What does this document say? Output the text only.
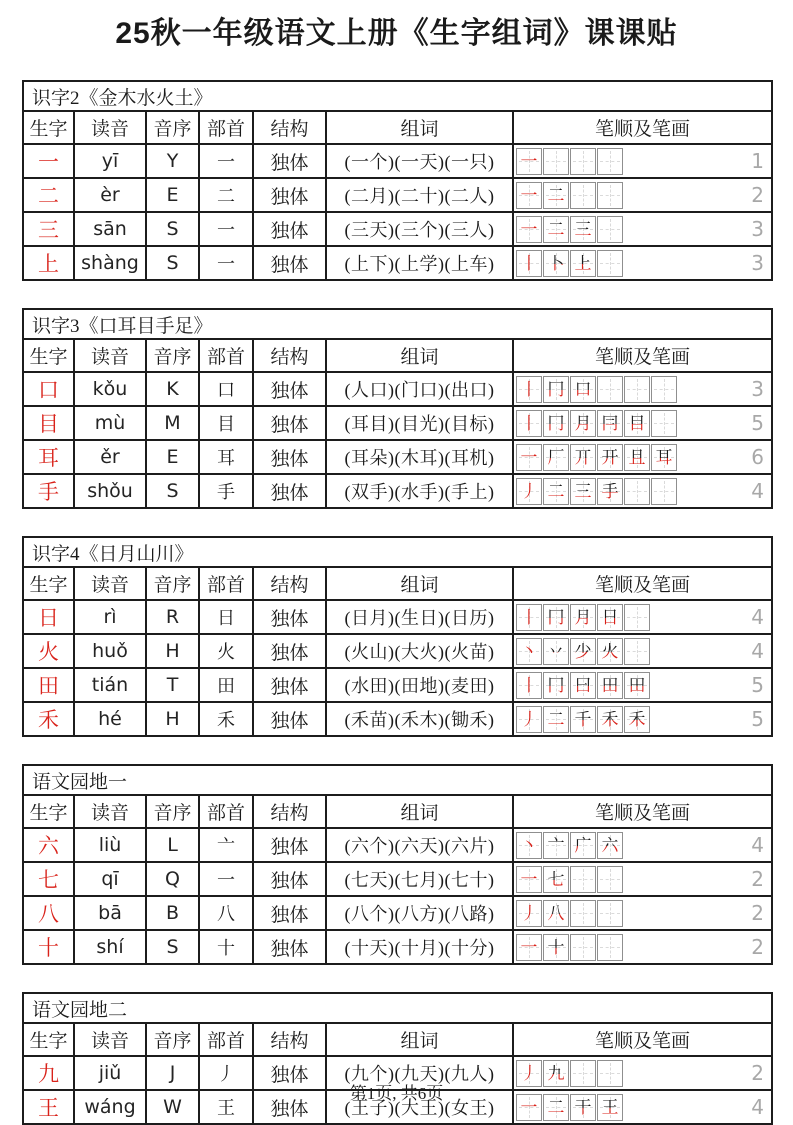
25秋一年级语文上册《生字组词》课课贴
识字2《金木水火土》						
生字	读音	音序	部首	结构	组词	笔顺及笔画
一	yī	Y	一	独体	(一个)(一天)(一只)	一 1

二	èr	E	二	独体	(二月)(二十)(二人)	一 二 2

三	sān	S	一	独体	(三天)(三个)(三人)	一 二 三 3

上	shàng	S	一	独体	(上下)(上学)(上车)	丨 卜 上 3
识字3《口耳目手足》						
生字	读音	音序	部首	结构	组词	笔顺及笔画
口	kǒu	K	口	独体	(人口)(门口)(出口)	丨 冂 口 3

目	mù	M	目	独体	(耳目)(目光)(目标)	丨 冂 月 冃 目	5

耳	ěr	E	耳	独体	(耳朵)(木耳)(耳机)	一 厂 丌 开 且 耳	6

手	shǒu	S	手	独体	(双手)(水手)(手上)	丿 二 三 手 4
识字4《日月山川》						
生字	读音	音序	部首	结构	组词	笔顺及笔画
日	rì	R	日	独体	(日月)(生日)(日历)	丨 冂 月 日 4

火	huǒ	H	火	独体	(火山)(大火)(火苗)	丶 丷 少 火 4

田	tián	T	田	独体	(水田)(田地)(麦田)	丨 冂 曰 田 田	5

禾	hé	H	禾	独体	(禾苗)(禾木)(锄禾)	丿 二 千 禾 禾	5
语文园地一						
生字	读音	音序	部首	结构	组词	笔顺及笔画
六	liù	L	亠	独体	(六个)(六天)(六片)	丶 亠 广 六 4

七	qī	Q	一	独体	(七天)(七月)(七十)	一 七 2

八	bā	B	八	独体	(八个)(八方)(八路)	丿 八 2

十	shí	S	十	独体	(十天)(十月)(十分)	一 十 2
语文园地二						
生字	读音	音序	部首	结构	组词	笔顺及笔画
九	jiǔ	J	丿	独体	(九个)(九天)(九人)	丿 九 2

王	wáng	W	王	独体	(王子)(大王)(女王)	一 二 干 王 4
第1页, 共6页
